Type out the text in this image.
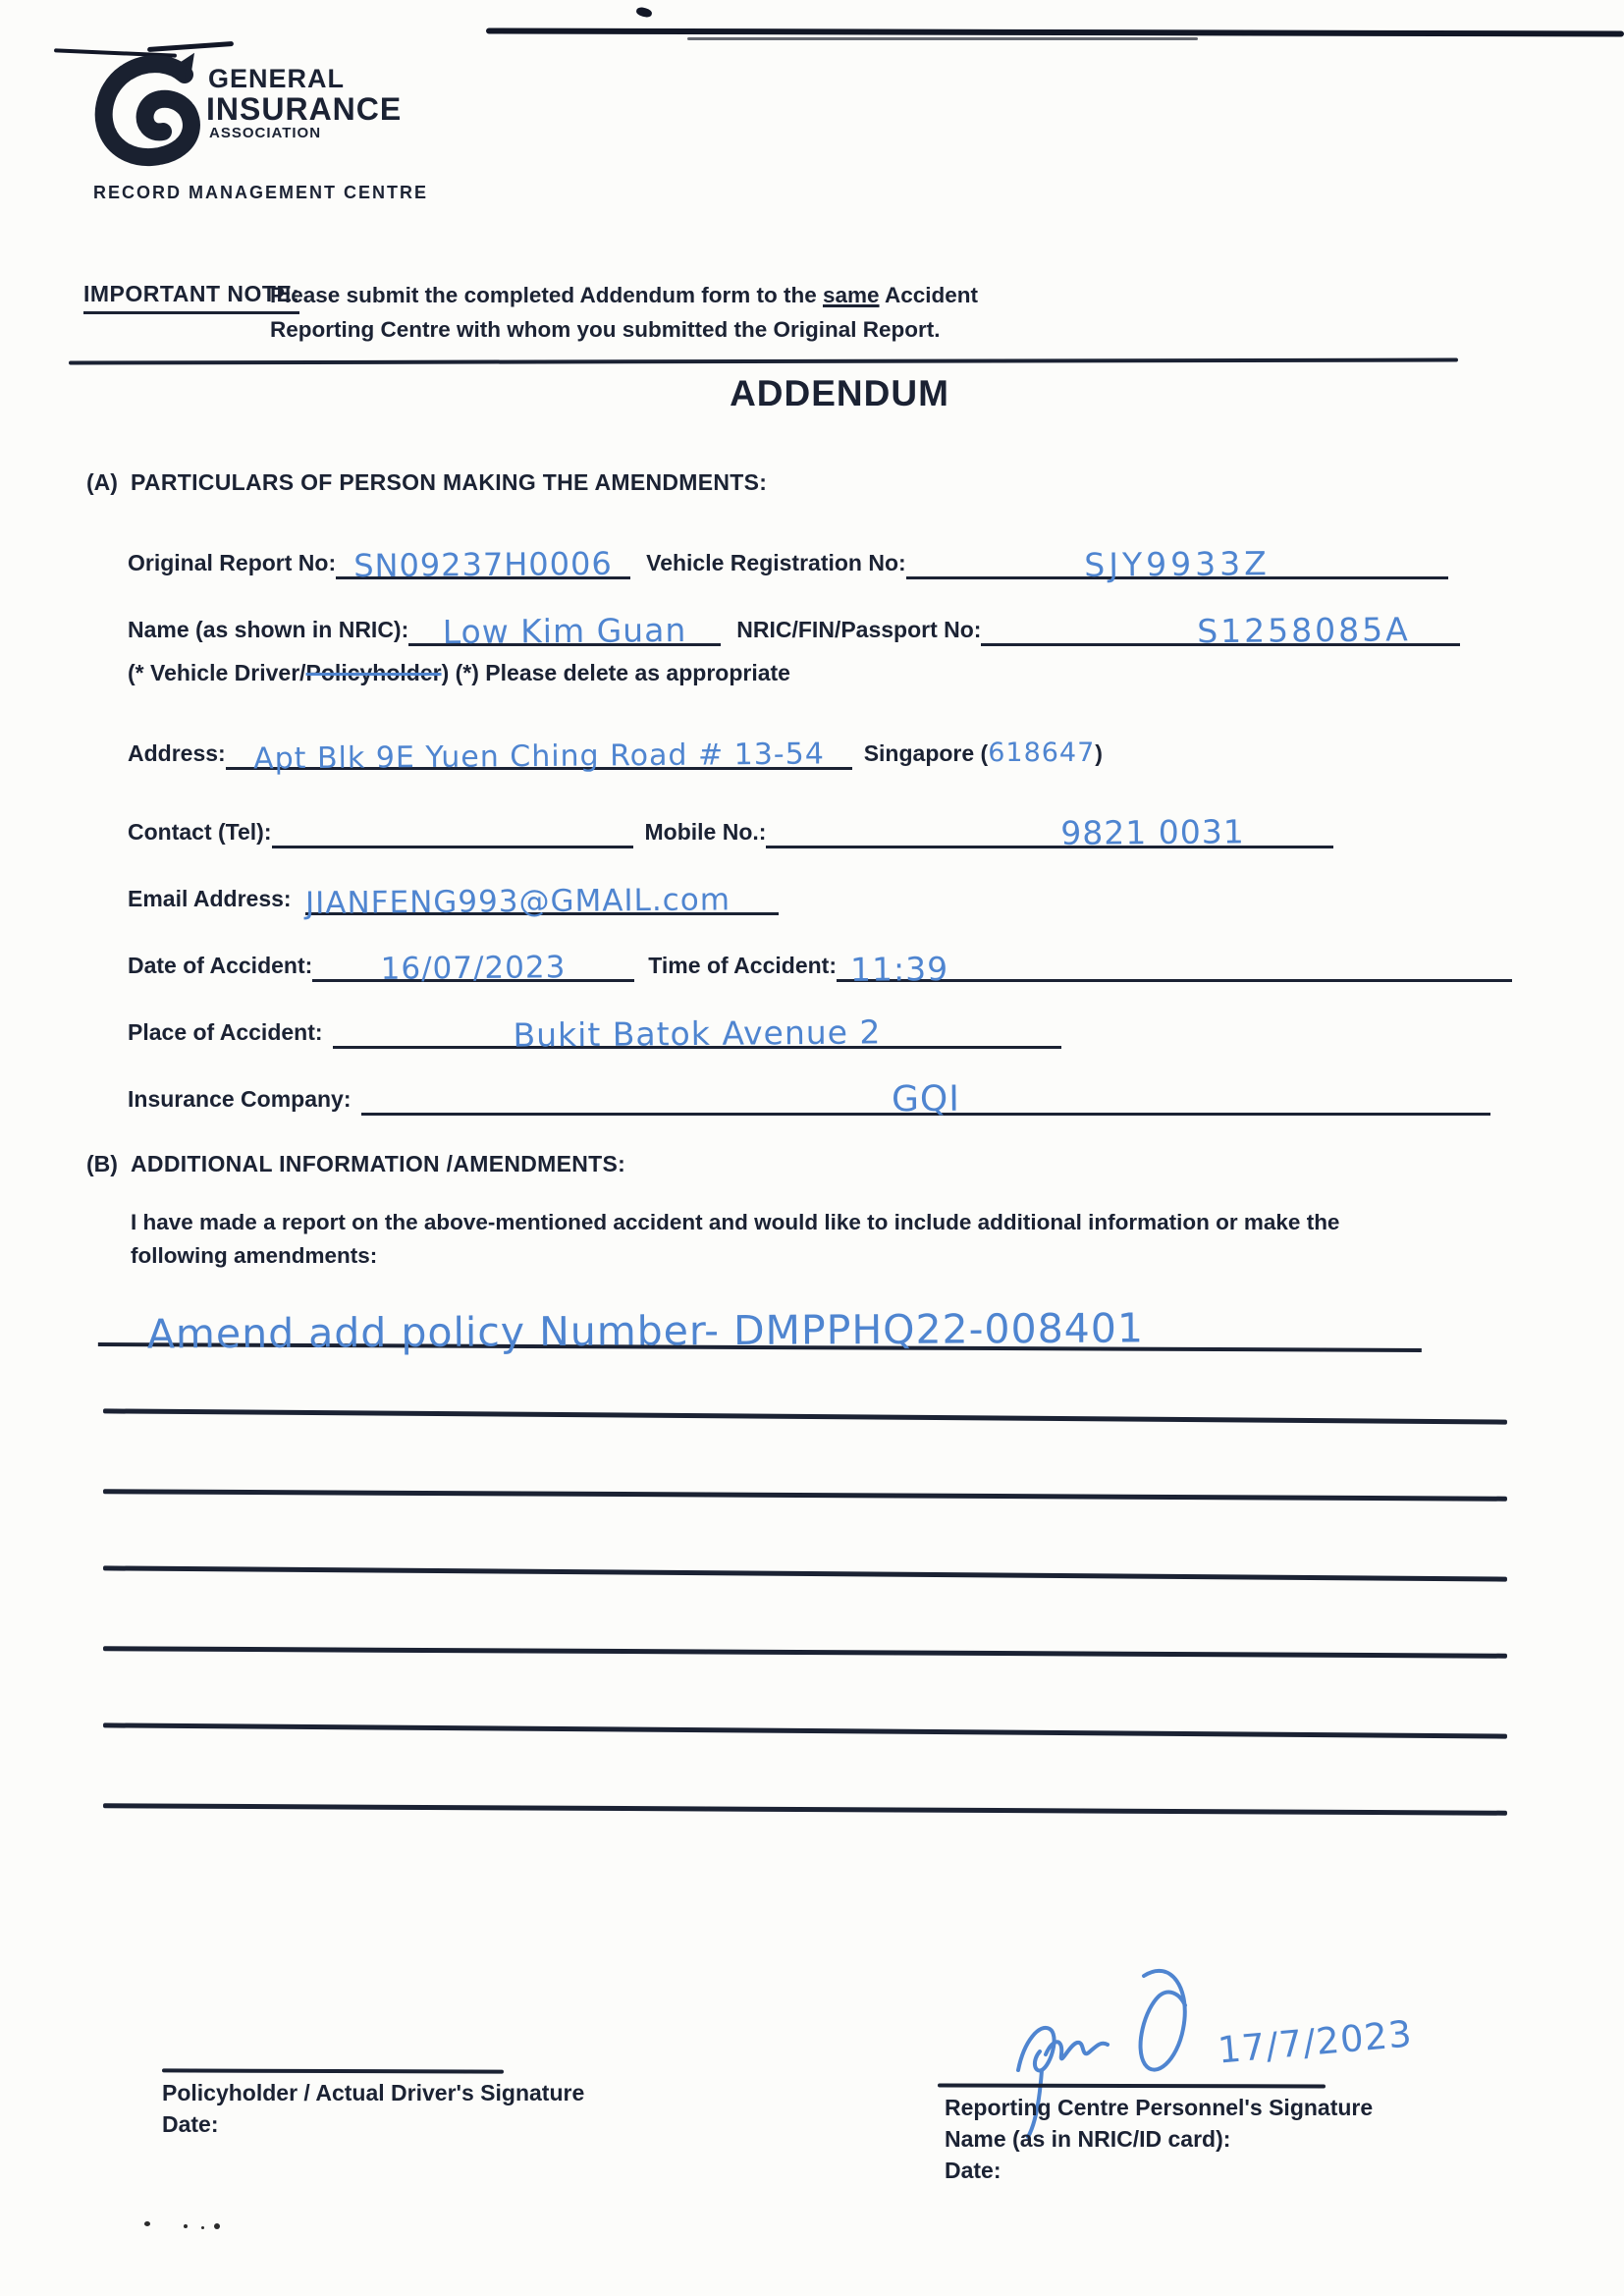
GENERAL
INSURANCE
ASSOCIATION
RECORD MANAGEMENT CENTRE
IMPORTANT NOTE:
Please submit the completed Addendum form to the same Accident Reporting Centre with whom you submitted the Original Report.
ADDENDUM
(A) PARTICULARS OF PERSON MAKING THE AMENDMENTS:
Original Report No: SN09237H0006	Vehicle Registration No:	SJY9933Z
Name (as shown in NRIC):	Low Kim Guan	NRIC/FIN/Passport No:	S1258085A
(* Vehicle Driver/Policyholder) (*) Please delete as appropriate
Address: Apt Blk 9E Yuen Ching Road # 13-54	Singapore ( 618647 )
Contact (Tel):	Mobile No.:	9821 0031
Email Address: JIANFENG993@GMAIL.com
Date of Accident:	16/07/2023	Time of Accident: 11:39
Place of Accident:	Bukit Batok Avenue 2
Insurance Company:	GQI
(B) ADDITIONAL INFORMATION /AMENDMENTS:
I have made a report on the above-mentioned accident and would like to include additional information or make the following amendments:
Amend add policy Number- DMPPHQ22-008401
Policyholder / Actual Driver's Signature
Date:
17/7/2023
Reporting Centre Personnel's Signature
Name (as in NRIC/ID card):
Date:
